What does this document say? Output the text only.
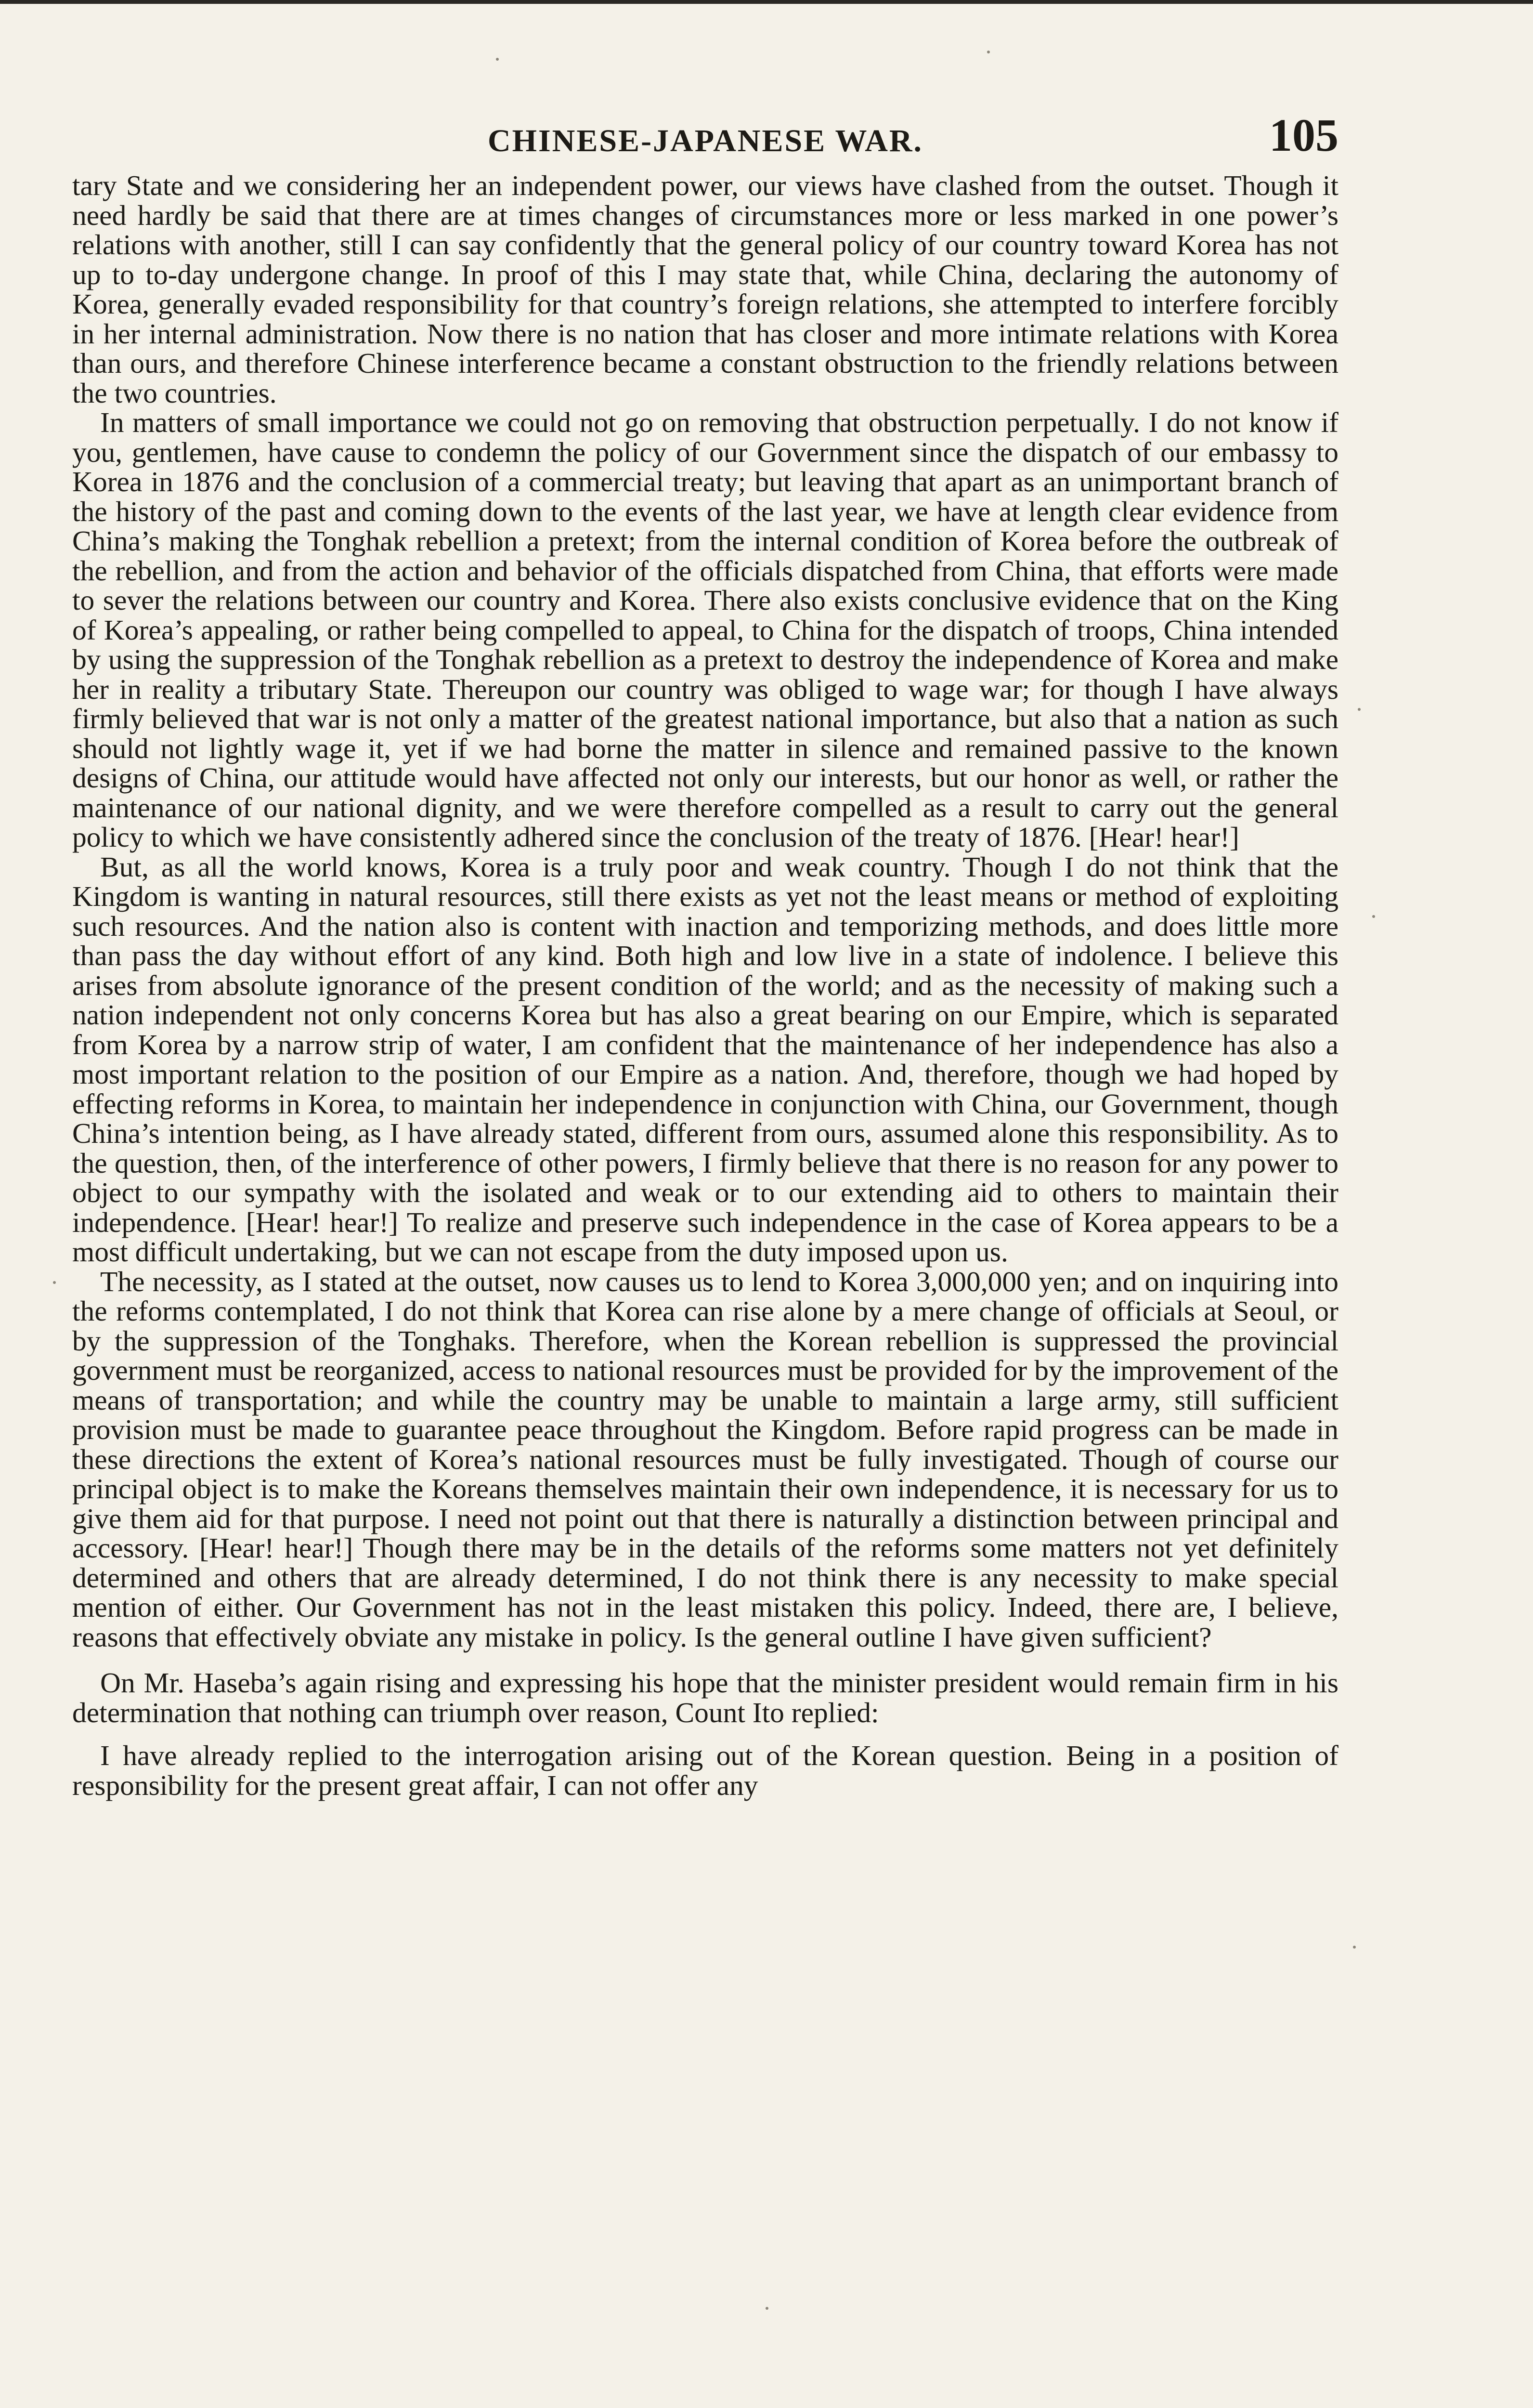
CHINESE-JAPANESE WAR.	105

tary State and we considering her an independent power, our views have clashed from the outset. Though it need hardly be said that there are at times changes of circumstances more or less marked in one power’s relations with another, still I can say confidently that the general policy of our country toward Korea has not up to to-day undergone change. In proof of this I may state that, while China, declaring the autonomy of Korea, generally evaded responsibility for that country’s foreign relations, she attempted to interfere forcibly in her internal administration. Now there is no nation that has closer and more intimate relations with Korea than ours, and therefore Chinese interference became a constant obstruction to the friendly relations between the two countries.

In matters of small importance we could not go on removing that obstruction perpetually. I do not know if you, gentlemen, have cause to condemn the policy of our Government since the dispatch of our embassy to Korea in 1876 and the conclusion of a commercial treaty; but leaving that apart as an unimportant branch of the history of the past and coming down to the events of the last year, we have at length clear evidence from China’s making the Tonghak rebellion a pretext; from the internal condition of Korea before the outbreak of the rebellion, and from the action and behavior of the officials dispatched from China, that efforts were made to sever the relations between our country and Korea. There also exists conclusive evidence that on the King of Korea’s appealing, or rather being compelled to appeal, to China for the dispatch of troops, China intended by using the suppression of the Tonghak rebellion as a pretext to destroy the independence of Korea and make her in reality a tributary State. Thereupon our country was obliged to wage war; for though I have always firmly believed that war is not only a matter of the greatest national importance, but also that a nation as such should not lightly wage it, yet if we had borne the matter in silence and remained passive to the known designs of China, our attitude would have affected not only our interests, but our honor as well, or rather the maintenance of our national dignity, and we were therefore compelled as a result to carry out the general policy to which we have consistently adhered since the conclusion of the treaty of 1876. [Hear! hear!]

But, as all the world knows, Korea is a truly poor and weak country. Though I do not think that the Kingdom is wanting in natural resources, still there exists as yet not the least means or method of exploiting such resources. And the nation also is content with inaction and temporizing methods, and does little more than pass the day without effort of any kind. Both high and low live in a state of indolence. I believe this arises from absolute ignorance of the present condition of the world; and as the necessity of making such a nation independent not only concerns Korea but has also a great bearing on our Empire, which is separated from Korea by a narrow strip of water, I am confident that the maintenance of her independence has also a most important relation to the position of our Empire as a nation. And, therefore, though we had hoped by effecting reforms in Korea, to maintain her independence in conjunction with China, our Government, though China’s intention being, as I have already stated, different from ours, assumed alone this responsibility. As to the question, then, of the interference of other powers, I firmly believe that there is no reason for any power to object to our sympathy with the isolated and weak or to our extending aid to others to maintain their independence. [Hear! hear!] To realize and preserve such independence in the case of Korea appears to be a most difficult undertaking, but we can not escape from the duty imposed upon us.

The necessity, as I stated at the outset, now causes us to lend to Korea 3,000,000 yen; and on inquiring into the reforms contemplated, I do not think that Korea can rise alone by a mere change of officials at Seoul, or by the suppression of the Tonghaks. Therefore, when the Korean rebellion is suppressed the provincial government must be reorganized, access to national resources must be provided for by the improvement of the means of transportation; and while the country may be unable to maintain a large army, still sufficient provision must be made to guarantee peace throughout the Kingdom. Before rapid progress can be made in these directions the extent of Korea’s national resources must be fully investigated. Though of course our principal object is to make the Koreans themselves maintain their own independence, it is necessary for us to give them aid for that purpose. I need not point out that there is naturally a distinction between principal and accessory. [Hear! hear!] Though there may be in the details of the reforms some matters not yet definitely determined and others that are already determined, I do not think there is any necessity to make special mention of either. Our Government has not in the least mistaken this policy. Indeed, there are, I believe, reasons that effectively obviate any mistake in policy. Is the general outline I have given sufficient?

On Mr. Haseba’s again rising and expressing his hope that the minister president would remain firm in his determination that nothing can triumph over reason, Count Ito replied:

I have already replied to the interrogation arising out of the Korean question. Being in a position of responsibility for the present great affair, I can not offer any
